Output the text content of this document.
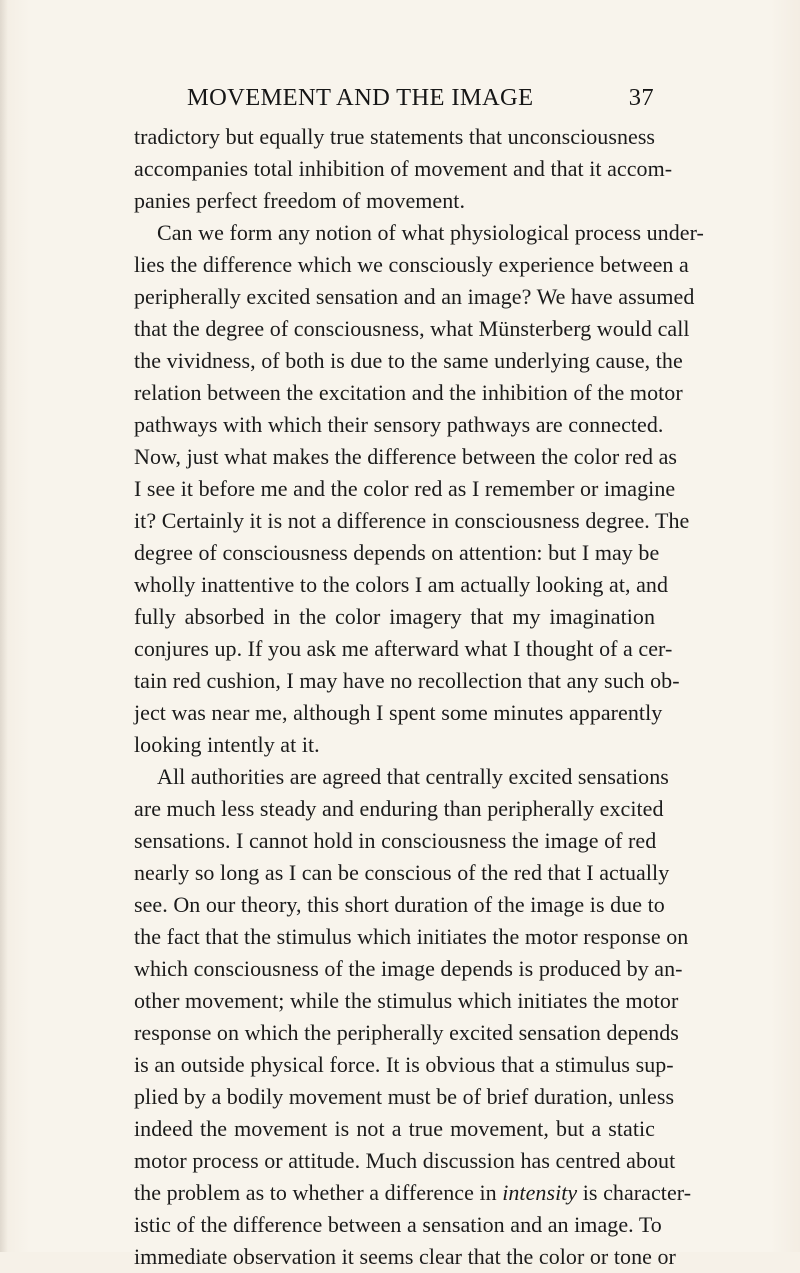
MOVEMENT AND THE IMAGE	37
tradictory but equally true statements that unconsciousness
accompanies total inhibition of movement and that it accom-
panies perfect freedom of movement.
Can we form any notion of what physiological process under-
lies the difference which we consciously experience between a
peripherally excited sensation and an image? We have assumed
that the degree of consciousness, what Münsterberg would call
the vividness, of both is due to the same underlying cause, the
relation between the excitation and the inhibition of the motor
pathways with which their sensory pathways are connected.
Now, just what makes the difference between the color red as
I see it before me and the color red as I remember or imagine
it? Certainly it is not a difference in consciousness degree. The
degree of consciousness depends on attention: but I may be
wholly inattentive to the colors I am actually looking at, and
fully absorbed in the color imagery that my imagination
conjures up. If you ask me afterward what I thought of a cer-
tain red cushion, I may have no recollection that any such ob-
ject was near me, although I spent some minutes apparently
looking intently at it.
All authorities are agreed that centrally excited sensations
are much less steady and enduring than peripherally excited
sensations. I cannot hold in consciousness the image of red
nearly so long as I can be conscious of the red that I actually
see. On our theory, this short duration of the image is due to
the fact that the stimulus which initiates the motor response on
which consciousness of the image depends is produced by an-
other movement; while the stimulus which initiates the motor
response on which the peripherally excited sensation depends
is an outside physical force. It is obvious that a stimulus sup-
plied by a bodily movement must be of brief duration, unless
indeed the movement is not a true movement, but a static
motor process or attitude. Much discussion has centred about
the problem as to whether a difference in intensity is character-
istic of the difference between a sensation and an image. To
immediate observation it seems clear that the color or tone or
